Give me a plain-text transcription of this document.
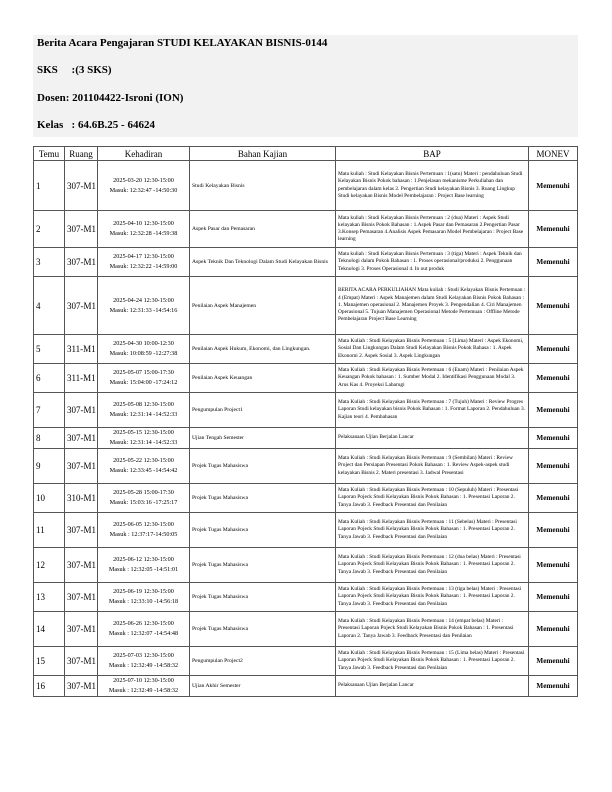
Berita Acara Pengajaran STUDI KELAYAKAN BISNIS-0144
SKS     :(3 SKS)
Dosen: 201104422-Isroni (ION)
Kelas   : 64.6B.25 - 64624
Temu	Ruang	Kehadiran	Bahan Kajian	BAP	MONEV
1	307-M1	2025-03-20 12:30-15:00
Masuk: 12:32:47 -14:50:30	Studi Kelayakan Bisnis	Mata kuliah : Studi Kelayakan Bisnis Pertemuan : 1(satu) Materi : pendahuluan Studi Kelayakan Bisnis Pokok bahasan : 1.Penjelasan mekanisme Perkuliahan dan pembelajaran dalam kelas 2. Pengertian Studi kelayakan Bisnis 3. Ruang Lingkup Studi kelayakan Bisnis Model Pembelajaran : Project Base learning	Memenuhi
2	307-M1	2025-04-10 12:30-15:00
Masuk: 12:32:28 -14:59:38	Aspek Pasar dan Pemasaran	Mata kuliah : Studi Kelayakan Bisnis Pertemuan : 2 (dua) Materi : Aspek Studi kelayakan Bisnis Pokok Bahasan : 1.Aspek Pasar dan Pemasaran 2.Pengertian Pasar 3.Konsep Pemasaran 4.Analisis Aspek Pemasaran Model Pembelajaran : Project Base learning	Memenuhi
3	307-M1	2025-04-17 12:30-15:00
Masuk: 12:32:22 -14:59:00	Aspek Teknik Dan Teknologi Dalam Studi Kelayakan Bisnis	Mata kuliah : Studi Kelayakan Bisnis Pertemuan : 3 (tiga) Materi : Aspek Teknik dan Teknologi dalam Pokok Bahasan : 1. Proses operasional/produksi 2. Penggunaan Teknologi 3. Proses Operasional 4. In out produk	Memenuhi
4	307-M1	2025-04-24 12:30-15:00
Masuk: 12:31:33 -14:54:16	Penilaian Aspek Manajemen	BERITA ACARA PERKULIAHAN Mata kuliah : Studi Kelayakan Bisnis Pertemuan : 4 (Empat) Materi : Aspek Manajemen dalam Studi Kelayakan Bisnis Pokok Bahasan : 1. Manajemen operasional 2. Manajemen Proyek 3. Pengendalian 4. Ciri Manajemen Operasional 5. Tujuan Manajemen Operasional Metode Pertemuan : Offline Metode Pembelajaran Project Base Learning	Memenuhi
5	311-M1	2025-04-30 10:00-12:30
Masuk: 10:08:59 -12:27:38	Penilaian Aspek Hukum, Ekonomi, dan Lingkungan.	Mata Kuliah : Studi Kelayakan Bisnis Pertemuan : 5 (Lima) Materi : Aspek Ekonomi, Sosial Dan Lingkungan Dalam Studi Kelayakan Bisnis Pokok Bahasa : 1. Aspek Ekonomi 2. Aspek Sosial 3. Aspek Lingkungan	Memenuhi
6	311-M1	2025-05-07 15:00-17:30
Masuk: 15:04:00 -17:24:12	Penilaian Aspek Keuangan	Mata Kuliah : Studi Kelayakan Bisnis Pertemuan : 6 (Enam) Materi : Penilaian Aspek Keuangan Pokok bahasan : 1. Sumber Modal 2. Identifikasi Penggunaan Modal 3. Arus Kas 4. Proyeksi Labarugi	Memenuhi
7	307-M1	2025-05-08 12:30-15:00
Masuk: 12:31:14 -14:52:33	Pengumpulan Project1	Mata Kuliah : Studi Kelayakan Bisnis Pertemuan : 7 (Tujuh) Materi : Review Progres Laporan Studi kelayakan bisnis Pokok Bahasan : 1. Format Laporan 2. Pendahuluan 3. Kajian teori 4. Pembahasan	Memenuhi
8	307-M1	2025-05-15 12:30-15:00
Masuk: 12:31:14 -14:52:33	Ujian Tengah Semester	Pelaksanaan Ujian Berjalan Lancar	Memenuhi
9	307-M1	2025-05-22 12:30-15:00
Masuk: 12:33:45 -14:54:42	Projek Tugas Mahasiswa	Mata Kuliah : Studi Kelayakan Bisnis Pertemuan : 9 (Sembilan) Materi : Review Project dan Persiapan Presentasi Pokok Bahasan : 1. Review Aspek-aspek studi kelayakan Bisnis 2. Materi presentasi 3. Jadwal Presentasi	Memenuhi
10	310-M1	2025-05-28 15:00-17:30
Masuk: 15:03:16 -17:25:17	Projek Tugas Mahasiswa	Mata Kuliah : Studi Kelayakan Bisnis Pertemuan : 10 (Sepuluh) Materi : Presentasi Laporan Pojeck Studi Kelayakan Bisnis Pokok Bahasan : 1. Presentasi Laporan 2. Tanya Jawab 3. Feedback Presentasi dan Penilaian	Memenuhi
11	307-M1	2025-06-05 12:30-15:00
Masuk : 12:37:17-14:50:05	Projek Tugas Mahasiswa	Mata Kuliah : Studi Kelayakan Bisnis Pertemuan : 11 (Sebelas) Materi : Presentasi Laporan Pojeck Studi Kelayakan Bisnis Pokok Bahasan : 1. Presentasi Laporan 2. Tanya Jawab 3. Feedback Presentasi dan Penilaian	Memenuhi
12	307-M1	2025-06-12 12:30-15:00
Masuk : 12:32:05 -14:51:01	Projek Tugas Mahasiswa	Mata Kuliah : Studi Kelayakan Bisnis Pertemuan : 12 (dua belas) Materi : Presentasi Laporan Pojeck Studi Kelayakan Bisnis Pokok Bahasan : 1. Presentasi Laporan 2. Tanya Jawab 3. Feedback Presentasi dan Penilaian	Memenuhi
13	307-M1	2025-06-19 12:30-15:00
Masuk : 12:33:10 -14:56:18	Projek Tugas Mahasiswa	Mata Kuliah : Studi Kelayakan Bisnis Pertemuan : 13 (tiga belas) Materi : Presentasi Laporan Pojeck Studi Kelayakan Bisnis Pokok Bahasan : 1. Presentasi Laporan 2. Tanya Jawab 3. Feedback Presentasi dan Penilaian	Memenuhi
14	307-M1	2025-06-26 12:30-15:00
Masuk : 12:32:07 -14:54:48	Projek Tugas Mahasiswa	Mata Kuliah : Studi Kelayakan Bisnis Pertemuan : 14 (empat belas) Materi : Presentasi Laporan Pojeck Studi Kelayakan Bisnis Pokok Bahasan : 1. Presentasi Laporan 2. Tanya Jawab 3. Feedback Presentasi dan Penilaian	Memenuhi
15	307-M1	2025-07-03 12:30-15:00
Masuk : 12:32:49 -14:58:32	Pengumpulan Project2	Mata Kuliah : Studi Kelayakan Bisnis Pertemuan : 15 (Lima belas) Materi : Presentasi Laporan Pojeck Studi Kelayakan Bisnis Pokok Bahasan : 1. Presentasi Laporan 2. Tanya Jawab 3. Feedback Presentasi dan Penilaian	Memenuhi
16	307-M1	2025-07-10 12:30-15:00
Masuk : 12:32:49 -14:58:32	Ujian Akhir Semester	Pelaksanaan Ujian Berjalan Lancar	Memenuhi
